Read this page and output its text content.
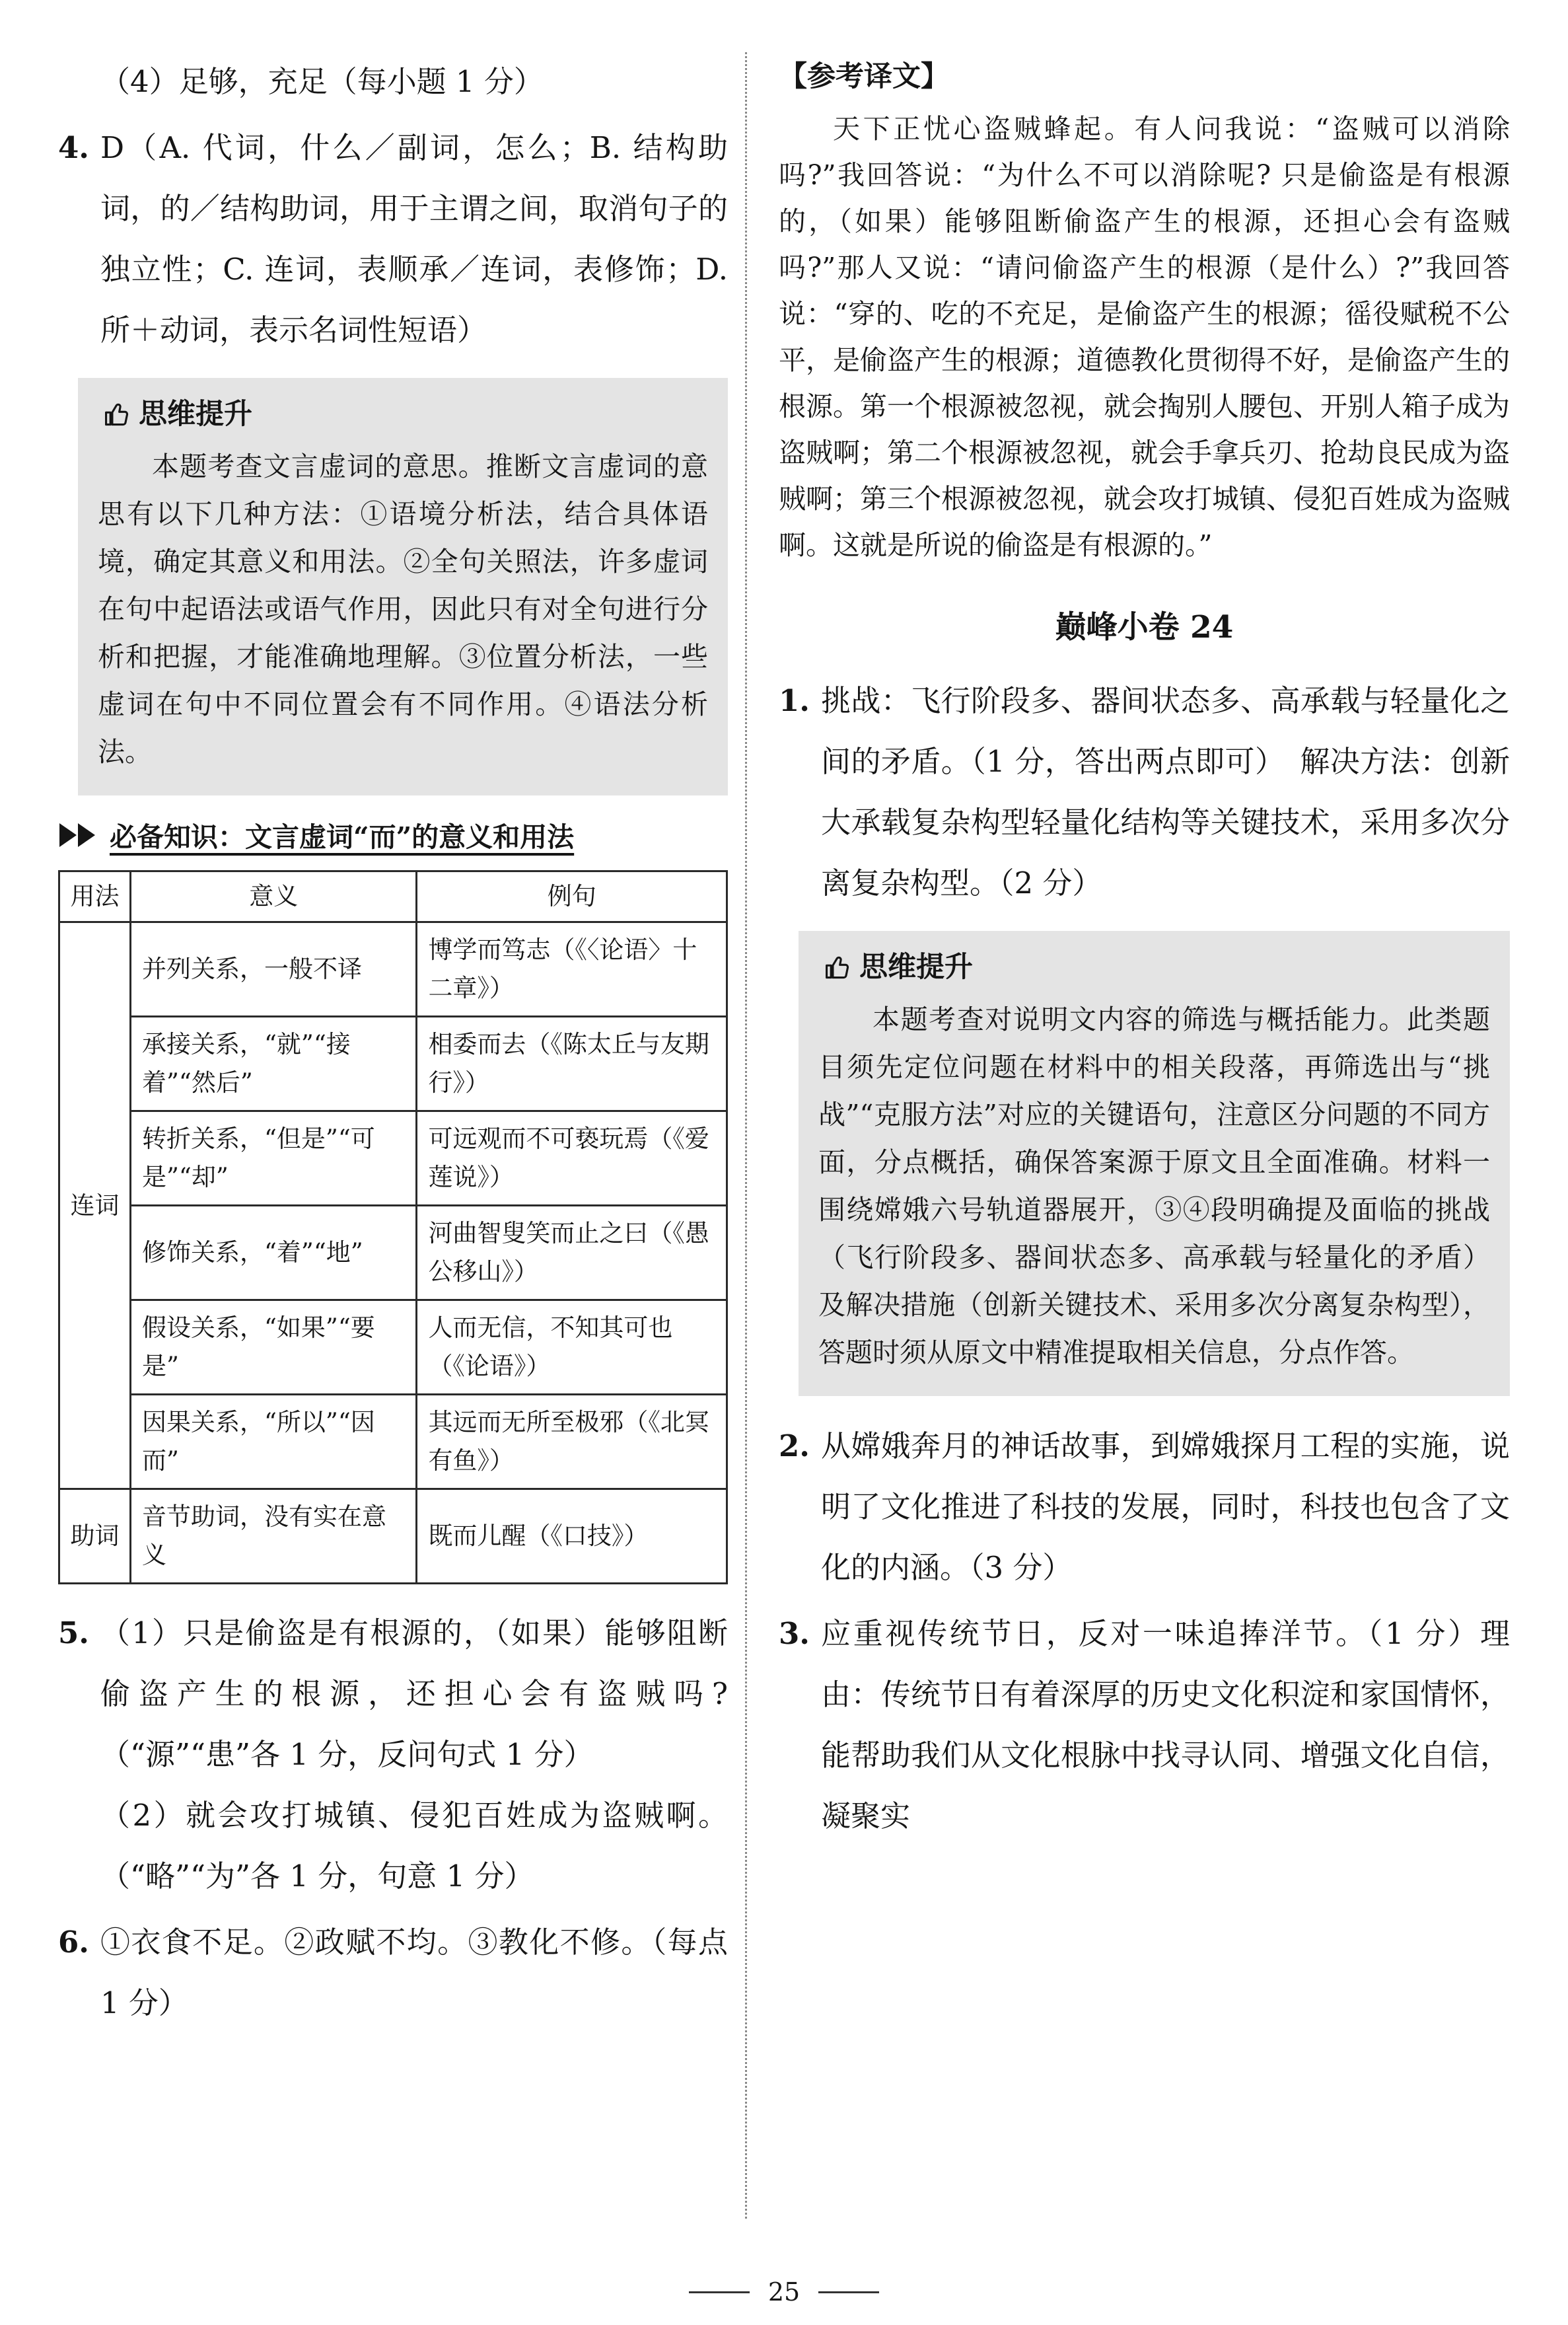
（4）足够，充足（每小题 1 分）
4. D（A. 代词，什么／副词，怎么；B. 结构助词，的／结构助词，用于主谓之间，取消句子的独立性；C. 连词，表顺承／连词，表修饰；D. 所＋动词，表示名词性短语）
思维提升

本题考查文言虚词的意思。推断文言虚词的意思有以下几种方法：①语境分析法，结合具体语境，确定其意义和用法。②全句关照法，许多虚词在句中起语法或语气作用，因此只有对全句进行分析和把握，才能准确地理解。③位置分析法，一些虚词在句中不同位置会有不同作用。④语法分析法。

必备知识：文言虚词“而”的意义和用法
用法	意义	例句
连词	并列关系，一般不译	博学而笃志（《〈论语〉十二章》）
	承接关系，“就”“接着”“然后”	相委而去（《陈太丘与友期行》）
	转折关系，“但是”“可是”“却”	可远观而不可亵玩焉（《爱莲说》）
	修饰关系，“着”“地”	河曲智叟笑而止之曰（《愚公移山》）
	假设关系，“如果”“要是”	人而无信，不知其可也（《论语》）
	因果关系，“所以”“因而”	其远而无所至极邪（《北冥有鱼》）
助词	音节助词，没有实在意义	既而儿醒（《口技》）
5. （1）只是偷盗是有根源的，（如果）能够阻断偷盗产生的根源，还担心会有盗贼吗?（“源”“患”各 1 分，反问句式 1 分）

（2）就会攻打城镇、侵犯百姓成为盗贼啊。（“略”“为”各 1 分，句意 1 分）

6. ①衣食不足。②政赋不均。③教化不修。（每点 1 分）
【参考译文】

天下正忧心盗贼蜂起。有人问我说：“盗贼可以消除吗?”我回答说：“为什么不可以消除呢? 只是偷盗是有根源的，（如果）能够阻断偷盗产生的根源，还担心会有盗贼吗?”那人又说：“请问偷盗产生的根源（是什么）?”我回答说：“穿的、吃的不充足，是偷盗产生的根源；徭役赋税不公平，是偷盗产生的根源；道德教化贯彻得不好，是偷盗产生的根源。第一个根源被忽视，就会掏别人腰包、开别人箱子成为盗贼啊；第二个根源被忽视，就会手拿兵刃、抢劫良民成为盗贼啊；第三个根源被忽视，就会攻打城镇、侵犯百姓成为盗贼啊。这就是所说的偷盗是有根源的。”

巅峰小卷 24
1. 挑战：飞行阶段多、器间状态多、高承载与轻量化之间的矛盾。（1 分，答出两点即可）　解决方法：创新大承载复杂构型轻量化结构等关键技术，采用多次分离复杂构型。（2 分）
思维提升

本题考查对说明文内容的筛选与概括能力。此类题目须先定位问题在材料中的相关段落，再筛选出与“挑战”“克服方法”对应的关键语句，注意区分问题的不同方面，分点概括，确保答案源于原文且全面准确。材料一围绕嫦娥六号轨道器展开，③④段明确提及面临的挑战（飞行阶段多、器间状态多、高承载与轻量化的矛盾）及解决措施（创新关键技术、采用多次分离复杂构型），答题时须从原文中精准提取相关信息，分点作答。

2. 从嫦娥奔月的神话故事，到嫦娥探月工程的实施，说明了文化推进了科技的发展，同时，科技也包含了文化的内涵。（3 分）
3. 应重视传统节日，反对一味追捧洋节。（1 分）理由：传统节日有着深厚的历史文化积淀和家国情怀，能帮助我们从文化根脉中找寻认同、增强文化自信，凝聚实
25
